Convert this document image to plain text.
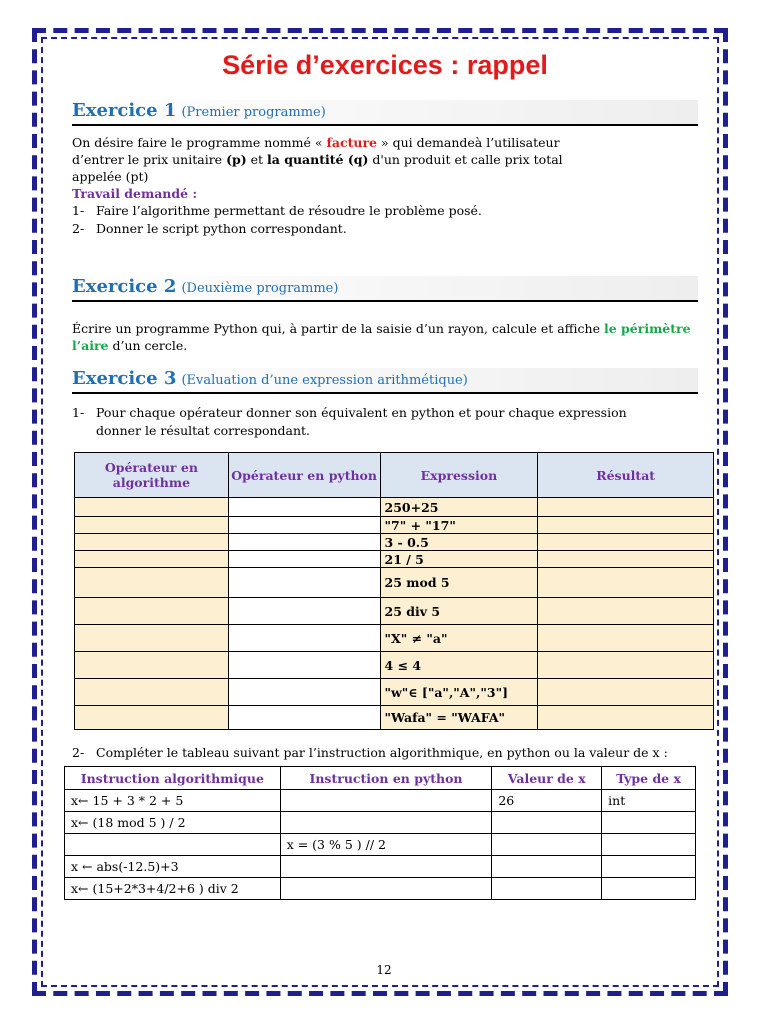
Série d’exercices : rappel
Exercice 1 (Premier programme)

On désire faire le programme nommé « facture » qui demandeà l’utilisateur

d’entrer le prix unitaire (p) et la quantité (q) d'un produit et calle prix total

appelée (pt)

Travail demandé :

1- Faire l’algorithme permettant de résoudre le problème posé.
2- Donner le script python correspondant.
Exercice 2 (Deuxième programme)

Écrire un programme Python qui, à partir de la saisie d’un rayon, calcule et affiche le périmètre

l’aire d’un cercle.

Exercice 3 (Evaluation d’une expression arithmétique)
1- Pour chaque opérateur donner son équivalent en python et pour chaque expression
donner le résultat correspondant.
Opérateur en algorithme	Opérateur en python	Expression	Résultat
		250+25	
		"7" + "17"	
		3 - 0.5	
		21 / 5	
		25 mod 5	
		25 div 5	
		"X" ≠ "a"	
		4 ≤ 4	
		"w"∈ ["a","A","3"]	
		"Wafa" = "WAFA"	
2- Compléter le tableau suivant par l’instruction algorithmique, en python ou la valeur de x :
Instruction algorithmique	Instruction en python	Valeur de x	Type de x
x← 15 + 3 * 2 + 5		26	int
x← (18 mod 5 ) / 2			
	x = (3 % 5 ) // 2		
x ← abs(-12.5)+3			
x← (15+2*3+4/2+6 ) div 2			
12
